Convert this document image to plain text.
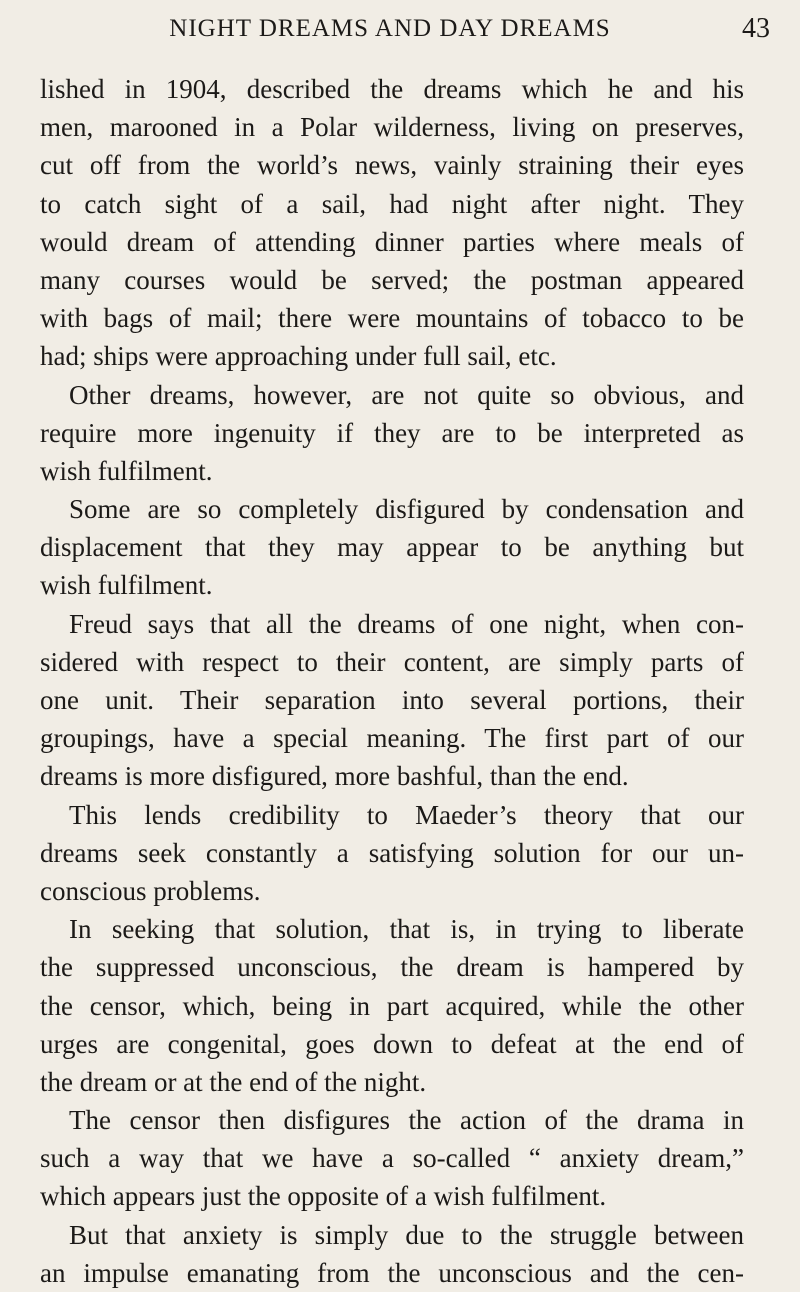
NIGHT DREAMS AND DAY DREAMS	43
lished in 1904, described the dreams which he and his
men, marooned in a Polar wilderness, living on preserves,
cut off from the world’s news, vainly straining their eyes
to catch sight of a sail, had night after night. They
would dream of attending dinner parties where meals of
many courses would be served; the postman appeared
with bags of mail; there were mountains of tobacco to be
had; ships were approaching under full sail, etc.
Other dreams, however, are not quite so obvious, and
require more ingenuity if they are to be interpreted as
wish fulfilment.
Some are so completely disfigured by condensation and
displacement that they may appear to be anything but
wish fulfilment.
Freud says that all the dreams of one night, when con-
sidered with respect to their content, are simply parts of
one unit. Their separation into several portions, their
groupings, have a special meaning. The first part of our
dreams is more disfigured, more bashful, than the end.
This lends credibility to Maeder’s theory that our
dreams seek constantly a satisfying solution for our un-
conscious problems.
In seeking that solution, that is, in trying to liberate
the suppressed unconscious, the dream is hampered by
the censor, which, being in part acquired, while the other
urges are congenital, goes down to defeat at the end of
the dream or at the end of the night.
The censor then disfigures the action of the drama in
such a way that we have a so-called “ anxiety dream,”
which appears just the opposite of a wish fulfilment.
But that anxiety is simply due to the struggle between
an impulse emanating from the unconscious and the cen-
